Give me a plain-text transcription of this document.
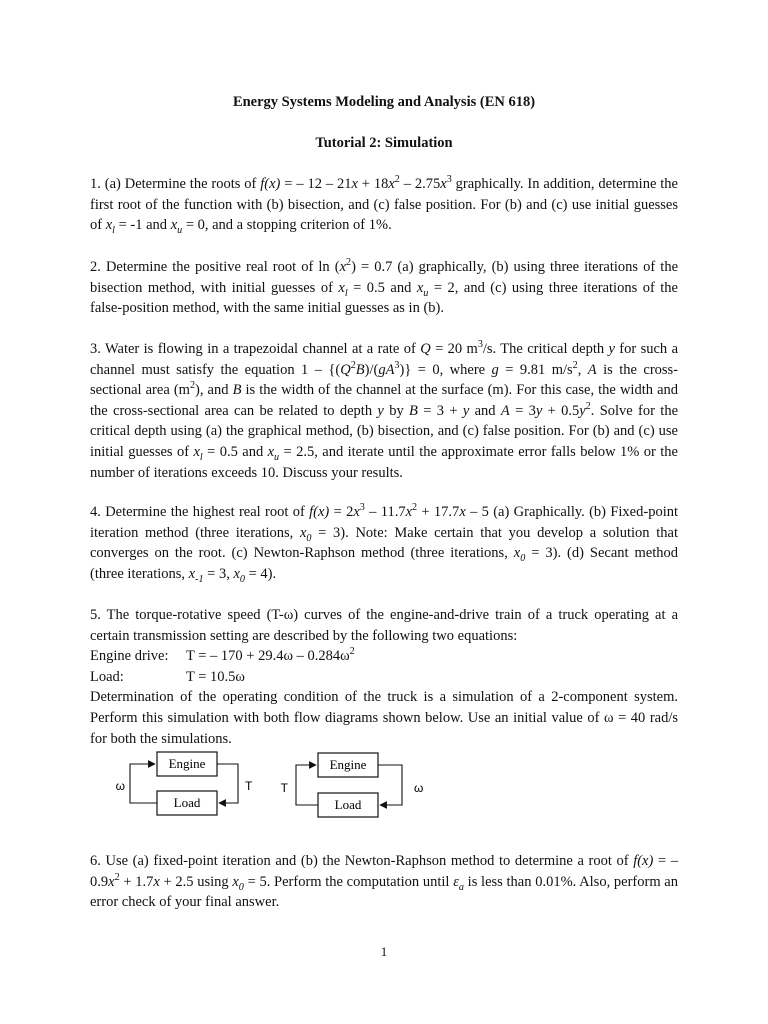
Energy Systems Modeling and Analysis (EN 618)
Tutorial 2: Simulation

1. (a) Determine the roots of f(x) = – $12 - 21x + 18x^2 - 2.75x^3$ graphically. In addition, determine the first root of the function with (b) bisection, and (c) false position. For (b) and (c) use initial guesses of $x_l = -1$ and $x_u = 0$, and a stopping criterion of 1%.

2. Determine the positive real root of $\ln (x^2) = 0.7$ (a) graphically, (b) using three iterations of the bisection method, with initial guesses of $x_l = 0.5$ and $x_u = 2$, and (c) using three iterations of the false-position method, with the same initial guesses as in (b).

3. Water is flowing in a trapezoidal channel at a rate of Q = 20 $m^3/s$. The critical depth y for such a channel must satisfy the equation $1 - \{(Q^2B)/(gA^3)\} = 0$, where g = 9.81 $m/s^2$, A is the cross-sectional area $(m^2)$, and B is the width of the channel at the surface (m). For this case, the width and the cross-sectional area can be related to depth y by B = 3 + y and $A = 3y + 0.5y^2$. Solve for the critical depth using (a) the graphical method, (b) bisection, and (c) false position. For (b) and (c) use initial guesses of $x_l = 0.5$ and $x_u = 2.5$, and iterate until the approximate error falls below 1% or the number of iterations exceeds 10. Discuss your results.

4. Determine the highest real root of $f(x) = 2x^3 - 11.7x^2 + 17.7x - 5$ (a) Graphically. (b) Fixed-point iteration method (three iterations, $x_0 = 3$). Note: Make certain that you develop a solution that converges on the root. (c) Newton-Raphson method (three iterations, $x_0 = 3$). (d) Secant method (three iterations, $x_{-1} = 3$, $x_0 = 4$).

5. The torque-rotative speed (T-ω) curves of the engine-and-drive train of a truck operating at a certain transmission setting are described by the following two equations:

Engine drive: T = – $170 + 29.4\omega - 0.284\omega^2$

Load:	T = 10.5ω

Determination of the operating condition of the truck is a simulation of a 2-component system. Perform this simulation with both flow diagrams shown below. Use an initial value of ω = 40 rad/s for both the simulations.

Engine
Load
ω	T
Engine
Load
T	ω

6. Use (a) fixed-point iteration and (b) the Newton-Raphson method to determine a root of f(x) = – $0.9x^2 + 1.7x + 2.5$ using $x_0 = 5$. Perform the computation until $\varepsilon_a$ is less than 0.01%. Also, perform an error check of your final answer.

1
